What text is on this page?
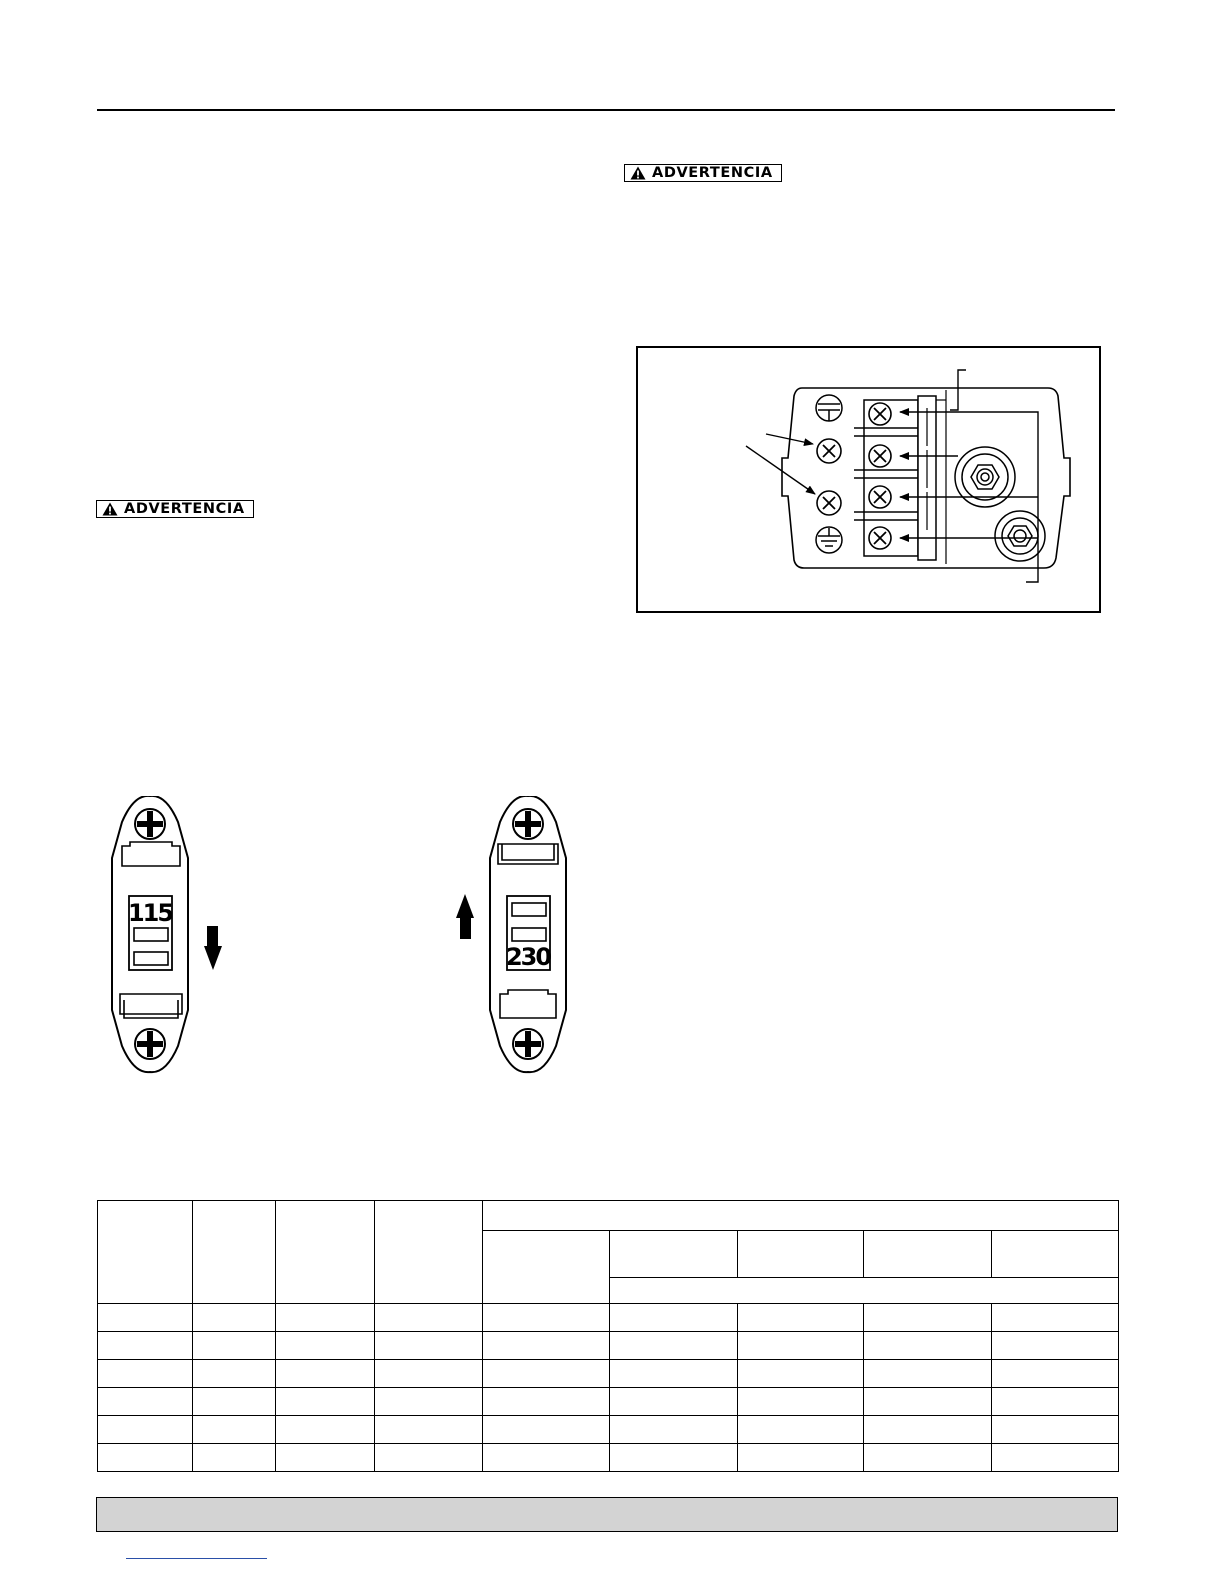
ADVERTENCIA
ADVERTENCIA
115
230
